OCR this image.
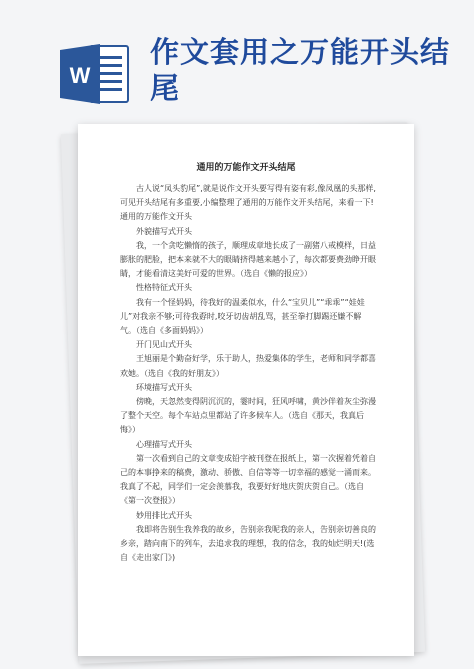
W
作文套用之万能开头结尾
通用的万能作文开头结尾

古人说“凤头豹尾”,就是说作文开头要写得有姿有彩,像凤凰的头那样,可见开头结尾有多重要,小编整理了通用的万能作文开头结尾，来看一下!

通用的万能作文开头

外貌描写式开头

我，一个贪吃懒惰的孩子，顺理成章地长成了一副猪八戒模样，日益膨胀的肥脸，把本来就不大的眼睛挤得越来越小了，每次都要费劲睁开眼睛，才能看清这美好可爱的世界。（选自《懒的报应》）

性格特征式开头

我有一个怪妈妈，待我好的温柔似水，什么“宝贝儿”“乖乖”“娃娃儿”对我亲不够;可待我孬时,咬牙切齿胡乱骂，甚至拳打脚踢还嫌不解气。（选自《多面妈妈》）

开门见山式开头

王旭丽是个勤奋好学，乐于助人，热爱集体的学生，老师和同学都喜欢她。（选自《我的好朋友》）

环境描写式开头

傍晚，天忽然变得阴沉沉的，霎时间，狂风呼啸，黄沙伴着灰尘弥漫了整个天空。每个车站点里都站了许多候车人。（选自《那天，我真后悔》）

心理描写式开头

第一次看到自己的文章变成铅字被刊登在报纸上，第一次握着凭着自己的本事挣来的稿费，激动、骄傲、自信等等一切幸福的感觉一涌而来。我真了不起，同学们一定会羡慕我，我要好好地庆贺庆贺自己。（选自《第一次登报》）

妙用排比式开头

我即将告别生我养我的故乡，告别亲我呢我的亲人，告别亲切善良的乡亲，踏向南下的列车，去追求我的理想，我的信念，我的灿烂明天!(选自《走出家门》)
